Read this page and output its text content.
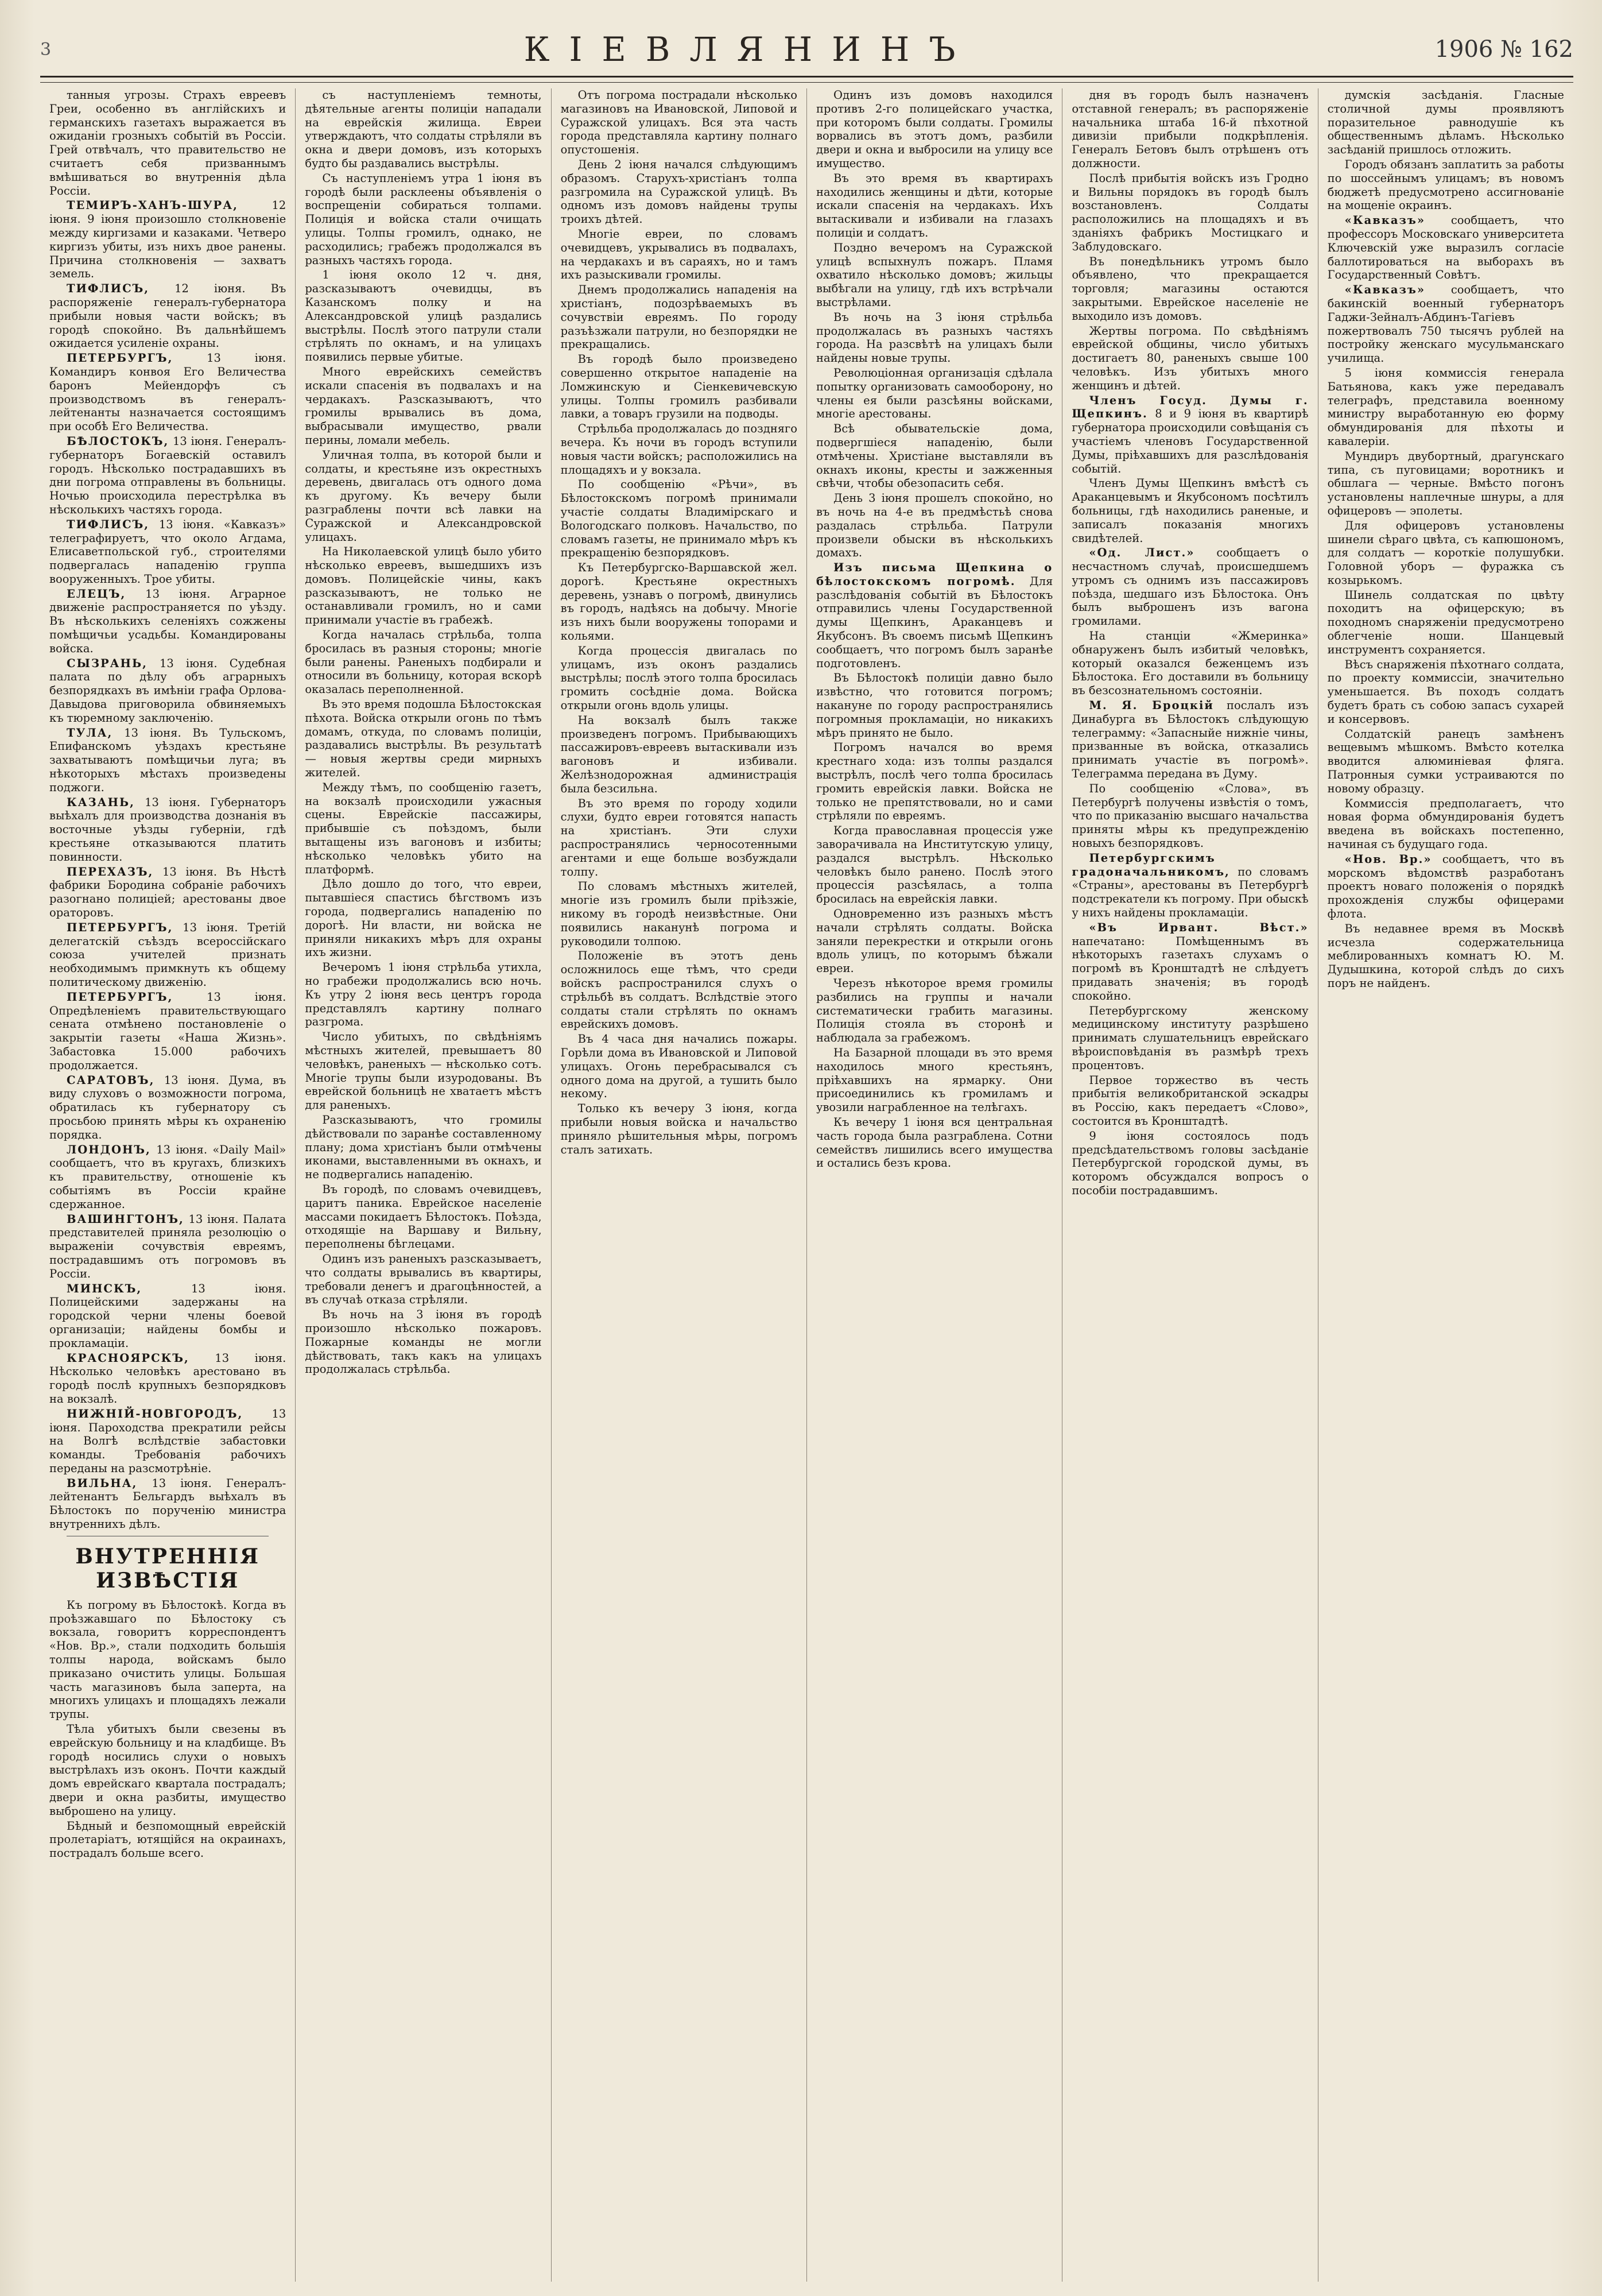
3	КІЕВЛЯНИНЪ	1906 № 162

танныя угрозы. Страхъ евреевъ Греи, особенно въ англійскихъ и германскихъ газетахъ выражается въ ожиданіи грозныхъ событій въ Россіи. Грей отвѣчалъ, что правительство не считаетъ себя призваннымъ вмѣшиваться во внутреннія дѣла Россіи.

ТЕМИРЪ-ХАНЪ-ШУРА,	12 іюня. 9 іюня произошло столкновеніе между киргизами и казаками. Четверо киргизъ убиты, изъ нихъ двое ранены. Причина столкновенія — захватъ земель.

ТИФЛИСЪ, 12 іюня. Въ распоряженіе генералъ-губернатора прибыли новыя части войскъ; въ городѣ спокойно. Въ дальнѣйшемъ ожидается усиленіе охраны.

ПЕТЕРБУРГЪ,	13 іюня. Командиръ конвоя Его Величества баронъ Мейендорфъ съ производствомъ въ генералъ-лейтенанты назначается состоящимъ при особѣ Его Величества.

БѢЛОСТОКЪ, 13 іюня. Генералъ-губернаторъ Богаевскій оставилъ городъ. Нѣсколько пострадавшихъ въ дни погрома отправлены въ больницы. Ночью происходила перестрѣлка въ нѣсколькихъ частяхъ города.

ТИФЛИСЪ, 13 іюня. «Кавказъ» телеграфируетъ, что около Агдама, Елисаветпольской губ., строителями подвергалась нападенію группа вооруженныхъ. Трое убиты.

ЕЛЕЦЪ, 13 іюня. Аграрное движеніе распространяется по уѣзду. Въ нѣсколькихъ селеніяхъ сожжены помѣщичьи усадьбы. Командированы войска.

СЫЗРАНЬ, 13 іюня. Судебная палата по дѣлу объ аграрныхъ безпорядкахъ въ имѣніи графа Орлова-Давыдова приговорила обвиняемыхъ къ тюремному заключенію.

ТУЛА, 13 іюня. Въ Тульскомъ, Епифанскомъ уѣздахъ крестьяне захватываютъ помѣщичьи луга; въ нѣкоторыхъ мѣстахъ произведены поджоги.

КАЗАНЬ, 13 іюня. Губернаторъ выѣхалъ для производства дознанія въ восточные уѣзды губерніи, гдѣ крестьяне отказываются платить повинности.

ПЕРЕХАЗЪ, 13 іюня. Въ Нѣстѣ фабрики Бородина собраніе рабочихъ разогнано полиціей; арестованы двое ораторовъ.

ПЕТЕРБУРГЪ, 13 іюня. Третій делегатскій съѣздъ всероссійскаго союза учителей признать необходимымъ примкнуть къ общему политическому движенію.

ПЕТЕРБУРГЪ,	13 іюня. Опредѣленіемъ правительствующаго сената отмѣнено постановленіе о закрытіи газеты «Наша Жизнь». Забастовка 15.000 рабочихъ продолжается.

САРАТОВЪ, 13 іюня. Дума, въ виду слуховъ о возможности погрома, обратилась къ губернатору съ просьбою принять мѣры къ охраненію порядка.

ЛОНДОНЪ, 13 іюня. «Daily Mail» сообщаетъ, что въ кругахъ, близкихъ къ правительству, отношеніе къ событіямъ въ Россіи крайне сдержанное.

ВАШИНГТОНЪ, 13 іюня. Палата представителей приняла резолюцію о выраженіи сочувствія евреямъ, пострадавшимъ отъ погромовъ въ Россіи.

МИНСКЪ,	13 іюня. Полицейскими задержаны на городской черни члены боевой организаціи; найдены бомбы и прокламаціи.

КРАСНОЯРСКЪ, 13 іюня. Нѣсколько человѣкъ арестовано въ городѣ послѣ крупныхъ безпорядковъ на вокзалѣ.

НИЖНІЙ-НОВГОРОДЪ,	13 іюня. Пароходства прекратили рейсы на Волгѣ вслѣдствіе забастовки команды. Требованія рабочихъ переданы на разсмотрѣніе.

ВИЛЬНА, 13 іюня. Генералъ-лейтенантъ Бельгардъ выѣхалъ въ Бѣлостокъ по порученію министра внутреннихъ дѣлъ.

ВНУТРЕННІЯ ИЗВѢСТІЯ

Къ погрому въ Бѣлостокѣ. Когда въ проѣзжавшаго по Бѣлостоку съ вокзала, говоритъ корреспондентъ «Нов. Вр.», стали подходить большія толпы народа, войскамъ было приказано очистить улицы. Большая часть магазиновъ была заперта, на многихъ улицахъ и площадяхъ лежали трупы.

Тѣла убитыхъ были свезены въ еврейскую больницу и на кладбище. Въ городѣ носились слухи о новыхъ выстрѣлахъ изъ оконъ. Почти каждый домъ еврейскаго квартала пострадалъ; двери и окна разбиты, имущество выброшено на улицу.

Бѣдный и безпомощный еврейскій пролетаріатъ, ютящійся на окраинахъ, пострадалъ больше всего.

съ наступленіемъ темноты, дѣятельные агенты полиціи нападали на еврейскія жилища. Евреи утверждаютъ, что солдаты стрѣляли въ окна и двери домовъ, изъ которыхъ будто бы раздавались выстрѣлы.

Съ наступленіемъ утра 1 іюня въ городѣ были расклеены объявленія о воспрещеніи собираться толпами. Полиція и войска стали очищать улицы. Толпы громилъ, однако, не расходились; грабежъ продолжался въ разныхъ частяхъ города.

1 іюня около 12 ч. дня, разсказываютъ очевидцы, въ Казанскомъ полку и на Александровской улицѣ раздались выстрѣлы. Послѣ этого патрули стали стрѣлять по окнамъ, и на улицахъ появились первые убитые.

Много еврейскихъ семействъ искали спасенія въ подвалахъ и на чердакахъ. Разсказываютъ, что громилы врывались въ дома, выбрасывали имущество, рвали перины, ломали мебель.

Уличная толпа, въ которой были и солдаты, и крестьяне изъ окрестныхъ деревень, двигалась отъ одного дома къ другому. Къ вечеру были разграблены почти всѣ лавки на Суражской и Александровской улицахъ.

На Николаевской улицѣ было убито нѣсколько евреевъ, вышедшихъ изъ домовъ. Полицейскіе чины, какъ разсказываютъ, не только не останавливали громилъ, но и сами принимали участіе въ грабежѣ.

Когда началась стрѣльба, толпа бросилась въ разныя стороны; многіе были ранены. Раненыхъ подбирали и относили въ больницу, которая вскорѣ оказалась переполненной.

Въ это время подошла Бѣлостокская пѣхота. Войска открыли огонь по тѣмъ домамъ, откуда, по словамъ полиціи, раздавались выстрѣлы. Въ результатѣ — новыя жертвы среди мирныхъ жителей.

Между тѣмъ, по сообщенію газетъ, на вокзалѣ происходили ужасныя сцены. Еврейскіе пассажиры, прибывшіе съ поѣздомъ, были вытащены изъ вагоновъ и избиты; нѣсколько человѣкъ убито на платформѣ.

Дѣло дошло до того, что евреи, пытавшіеся спастись бѣгствомъ изъ города, подвергались нападенію по дорогѣ. Ни власти, ни войска не приняли никакихъ мѣръ для охраны ихъ жизни.

Вечеромъ 1 іюня стрѣльба утихла, но грабежи продолжались всю ночь. Къ утру 2 іюня весь центръ города представлялъ картину полнаго разгрома.

Число убитыхъ, по свѣдѣніямъ мѣстныхъ жителей, превышаетъ 80 человѣкъ, раненыхъ — нѣсколько сотъ. Многіе трупы были изуродованы. Въ еврейской больницѣ не хватаетъ мѣстъ для раненыхъ.

Разсказываютъ, что громилы дѣйствовали по заранѣе составленному плану; дома христіанъ были отмѣчены иконами, выставленными въ окнахъ, и не подвергались нападенію.

Въ городѣ, по словамъ очевидцевъ, царитъ паника. Еврейское населеніе массами покидаетъ Бѣлостокъ. Поѣзда, отходящіе на Варшаву и Вильну, переполнены бѣглецами.

Одинъ изъ раненыхъ разсказываетъ, что солдаты врывались въ квартиры, требовали денегъ и драгоцѣнностей, а въ случаѣ отказа стрѣляли.

Въ ночь на 3 іюня въ городѣ произошло нѣсколько пожаровъ. Пожарные команды не могли дѣйствовать, такъ какъ на улицахъ продолжалась стрѣльба.

Отъ погрома пострадали нѣсколько магазиновъ на Ивановской, Липовой и Суражской улицахъ. Вся эта часть города представляла картину полнаго опустошенія.

День 2 іюня начался слѣдующимъ образомъ. Старухъ-христіанъ толпа разгромила на Суражской улицѣ. Въ одномъ изъ домовъ найдены трупы троихъ дѣтей.

Многіе евреи, по словамъ очевидцевъ, укрывались въ подвалахъ, на чердакахъ и въ сараяхъ, но и тамъ ихъ разыскивали громилы.

Днемъ продолжались нападенія на христіанъ, подозрѣваемыхъ въ сочувствіи евреямъ. По городу разъѣзжали патрули, но безпорядки не прекращались.

Въ городѣ было произведено совершенно открытое нападеніе на Ломжинскую и Сіенкевичевскую улицы. Толпы громилъ разбивали лавки, а товаръ грузили на подводы.

Стрѣльба продолжалась до поздняго вечера. Къ ночи въ городъ вступили новыя части войскъ; расположились на площадяхъ и у вокзала.

По сообщенію «Рѣчи», въ Бѣлостокскомъ погромѣ принимали участіе солдаты Владимірскаго и Вологодскаго полковъ. Начальство, по словамъ газеты, не принимало мѣръ къ прекращенію безпорядковъ.

Къ Петербургско-Варшавской жел. дорогѣ. Крестьяне окрестныхъ деревень, узнавъ о погромѣ, двинулись въ городъ, надѣясь на добычу. Многіе изъ нихъ были вооружены топорами и кольями.

Когда процессія двигалась по улицамъ, изъ оконъ раздались выстрѣлы; послѣ этого толпа бросилась громить сосѣдніе дома. Войска открыли огонь вдоль улицы.

На вокзалѣ былъ также произведенъ погромъ. Прибывающихъ пассажировъ-евреевъ вытаскивали изъ вагоновъ и избивали. Желѣзнодорожная администрація была безсильна.

Въ это время по городу ходили слухи, будто евреи готовятся напасть на христіанъ. Эти слухи распространялись черносотенными агентами и еще больше возбуждали толпу.

По словамъ мѣстныхъ жителей, многіе изъ громилъ были пріѣзжіе, никому въ городѣ неизвѣстные. Они появились наканунѣ погрома и руководили толпою.

Положеніе въ этотъ день осложнилось еще тѣмъ, что среди войскъ распространился слухъ о стрѣльбѣ въ солдатъ. Вслѣдствіе этого солдаты стали стрѣлять по окнамъ еврейскихъ домовъ.

Въ 4 часа дня начались пожары. Горѣли дома въ Ивановской и Липовой улицахъ. Огонь перебрасывался съ одного дома на другой, а тушить было некому.

Только къ вечеру 3 іюня, когда прибыли новыя войска и начальство приняло рѣшительныя мѣры, погромъ сталъ затихать.

Одинъ изъ домовъ находился противъ 2-го полицейскаго участка, при которомъ были солдаты. Громилы ворвались въ этотъ домъ, разбили двери и окна и выбросили на улицу все имущество.

Въ это время въ квартирахъ находились женщины и дѣти, которые искали спасенія на чердакахъ. Ихъ вытаскивали и избивали на глазахъ полиціи и солдатъ.

Поздно вечеромъ на Суражской улицѣ вспыхнулъ пожаръ. Пламя охватило нѣсколько домовъ; жильцы выбѣгали на улицу, гдѣ ихъ встрѣчали выстрѣлами.

Въ ночь на 3 іюня стрѣльба продолжалась въ разныхъ частяхъ города. На разсвѣтѣ на улицахъ были найдены новые трупы.

Революціонная организація сдѣлала попытку организовать самооборону, но члены ея были разсѣяны войсками, многіе арестованы.

Всѣ обывательскіе дома, подвергшіеся нападенію, были отмѣчены. Христіане выставляли въ окнахъ иконы, кресты и зажженныя свѣчи, чтобы обезопасить себя.

День 3 іюня прошелъ спокойно, но въ ночь на 4-е въ предмѣстьѣ снова раздалась стрѣльба. Патрули произвели обыски въ нѣсколькихъ домахъ.

Изъ письма Щепкина о бѣлостокскомъ погромѣ. Для разслѣдованія событій въ Бѣлостокъ отправились члены Государственной думы Щепкинъ, Араканцевъ и Якубсонъ. Въ своемъ письмѣ Щепкинъ сообщаетъ, что погромъ былъ заранѣе подготовленъ.

Въ Бѣлостокѣ полиціи давно было извѣстно, что готовится погромъ; накануне по городу распространялись погромныя прокламаціи, но никакихъ мѣръ принято не было.

Погромъ начался во время крестнаго хода: изъ толпы раздался выстрѣлъ, послѣ чего толпа бросилась громить еврейскія лавки. Войска не только не препятствовали, но и сами стрѣляли по евреямъ.

Когда православная процессія уже заворачивала на Институтскую улицу, раздался выстрѣлъ. Нѣсколько человѣкъ было ранено. Послѣ этого процессія разсѣялась, а толпа бросилась на еврейскія лавки.

Одновременно изъ разныхъ мѣстъ начали стрѣлять солдаты. Войска заняли перекрестки и открыли огонь вдоль улицъ, по которымъ бѣжали евреи.

Черезъ нѣкоторое время громилы разбились на группы и начали систематически грабить магазины. Полиція стояла въ сторонѣ и наблюдала за грабежомъ.

На Базарной площади въ это время находилось много крестьянъ, пріѣхавшихъ на ярмарку. Они присоединились къ громиламъ и увозили награбленное на телѣгахъ.

Къ вечеру 1 іюня вся центральная часть города была разграблена. Сотни семействъ лишились всего имущества и остались безъ крова.

дня въ городъ былъ назначенъ отставной генералъ; въ распоряженіе начальника штаба 16-й пѣхотной дивизіи прибыли подкрѣпленія. Генералъ Бетовъ былъ отрѣшенъ отъ должности.

Послѣ прибытія войскъ изъ Гродно и Вильны порядокъ въ городѣ былъ возстановленъ. Солдаты расположились на площадяхъ и въ зданіяхъ фабрикъ Мостицкаго и Заблудовскаго.

Въ понедѣльникъ утромъ было объявлено, что прекращается торговля; магазины остаются закрытыми. Еврейское населеніе не выходило изъ домовъ.

Жертвы погрома. По свѣдѣніямъ еврейской общины, число убитыхъ достигаетъ 80, раненыхъ свыше 100 человѣкъ. Изъ убитыхъ много женщинъ и дѣтей.

Членъ Госуд. Думы г. Щепкинъ. 8 и 9 іюня въ квартирѣ губернатора происходили совѣщанія съ участіемъ членовъ Государственной Думы, пріѣхавшихъ для разслѣдованія событій.

Членъ Думы Щепкинъ вмѣстѣ съ Араканцевымъ и Якубсономъ посѣтилъ больницы, гдѣ находились раненые, и записалъ показанія многихъ свидѣтелей.

«Од. Лист.» сообщаетъ о несчастномъ случаѣ, происшедшемъ утромъ съ однимъ изъ пассажировъ поѣзда, шедшаго изъ Бѣлостока. Онъ былъ выброшенъ изъ вагона громилами.

На станціи «Жмеринка» обнаруженъ былъ избитый человѣкъ, который оказался беженцемъ изъ Бѣлостока. Его доставили въ больницу въ безсознательномъ состояніи.

М. Я. Броцкій послалъ изъ Динабурга въ Бѣлостокъ слѣдующую телеграмму: «Запасныйе нижніе чины, призванные въ войска, отказались принимать участіе въ погромѣ». Телеграмма передана въ Думу.

По сообщенію «Слова», въ Петербургѣ получены извѣстія о томъ, что по приказанію высшаго начальства приняты мѣры къ предупрежденію новыхъ безпорядковъ.

Петербургскимъ градоначальникомъ, по словамъ «Страны», арестованы въ Петербургѣ подстрекатели къ погрому. При обыскѣ у нихъ найдены прокламаціи.

«Въ Ирвант. Вѣст.» напечатано: Помѣщеннымъ въ нѣкоторыхъ газетахъ слухамъ о погромѣ въ Кронштадтѣ не слѣдуетъ придавать значенія; въ городѣ спокойно.

Петербургскому женскому медицинскому институту разрѣшено принимать слушательницъ еврейскаго вѣроисповѣданія въ размѣрѣ трехъ процентовъ.

Первое торжество въ честь прибытія великобританской эскадры въ Россію, какъ передаетъ «Слово», состоится въ Кронштадтѣ.

9 іюня состоялось подъ предсѣдательствомъ головы засѣданіе Петербургской городской думы, въ которомъ обсуждался вопросъ о пособіи пострадавшимъ.

думскія засѣданія. Гласные столичной думы проявляютъ поразительное равнодушіе къ общественнымъ дѣламъ. Нѣсколько засѣданій пришлось отложить.

Городъ обязанъ заплатить за работы по шоссейнымъ улицамъ; въ новомъ бюджетѣ предусмотрено ассигнованіе на мощеніе окраинъ.

«Кавказъ» сообщаетъ, что профессоръ Московскаго университета Ключевскій уже выразилъ согласіе баллотироваться на выборахъ въ Государственный Совѣтъ.

«Кавказъ» сообщаетъ, что бакинскій военный губернаторъ Гаджи-Зейналъ-Абдинъ-Тагіевъ пожертвовалъ 750 тысячъ рублей на постройку женскаго мусульманскаго училища.

5 іюня коммиссія генерала Батьянова, какъ уже передавалъ телеграфъ, представила военному министру выработанную ею форму обмундированія для пѣхоты и кавалеріи.

Мундиръ двубортный, драгунскаго типа, съ пуговицами; воротникъ и обшлага — черные. Вмѣсто погонъ установлены наплечные шнуры, а для офицеровъ — эполеты.

Для офицеровъ установлены шинели сѣраго цвѣта, съ капюшономъ, для солдатъ — короткіе полушубки. Головной уборъ — фуражка съ козырькомъ.

Шинель солдатская по цвѣту походитъ на офицерскую; въ походномъ снаряженіи предусмотрено облегченіе ноши. Шанцевый инструментъ сохраняется.

Вѣсъ снаряженія пѣхотнаго солдата, по проекту коммиссіи, значительно уменьшается. Въ походъ солдатъ будетъ брать съ собою запасъ сухарей и консервовъ.

Солдатскій ранецъ замѣненъ вещевымъ мѣшкомъ. Вмѣсто котелка вводится алюминіевая фляга. Патронныя сумки устраиваются по новому образцу.

Коммиссія предполагаетъ, что новая форма обмундированія будетъ введена въ войскахъ постепенно, начиная съ будущаго года.

«Нов. Вр.» сообщаетъ, что въ морскомъ вѣдомствѣ разработанъ проектъ новаго положенія о порядкѣ прохожденія службы офицерами флота.

Въ недавнее время въ Москвѣ исчезла содержательница меблированныхъ комнатъ Ю. М. Дудышкина, которой слѣдъ до сихъ поръ не найденъ.
